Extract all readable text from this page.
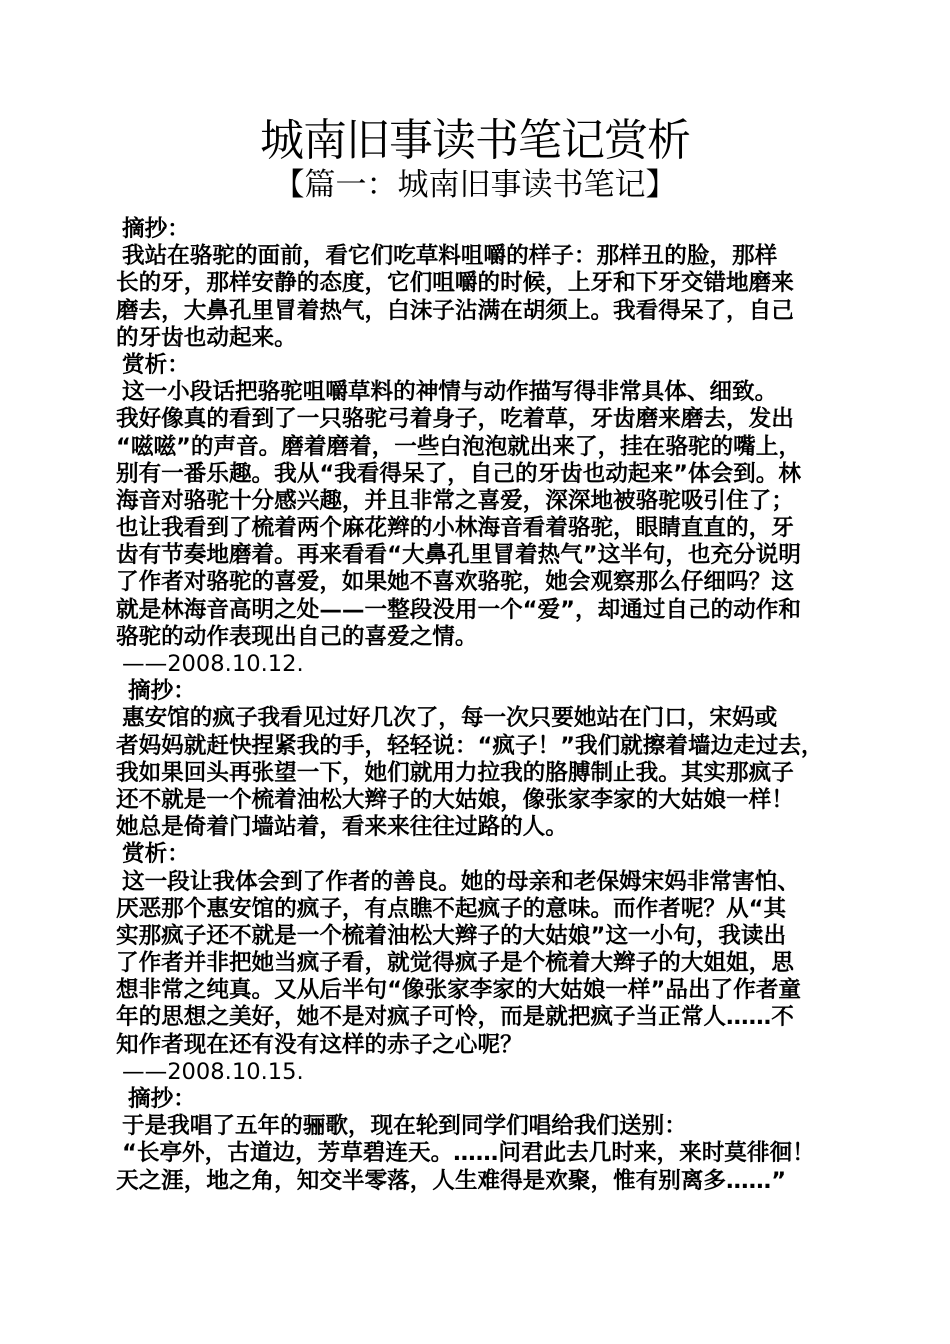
城南旧事读书笔记赏析
【篇一：城南旧事读书笔记】
摘抄：
我站在骆驼的面前，看它们吃草料咀嚼的样子：那样丑的脸，那样
长的牙，那样安静的态度，它们咀嚼的时候，上牙和下牙交错地磨来
磨去，大鼻孔里冒着热气，白沫子沾满在胡须上。我看得呆了，自己
的牙齿也动起来。
赏析：
这一小段话把骆驼咀嚼草料的神情与动作描写得非常具体、细致。
我好像真的看到了一只骆驼弓着身子，吃着草，牙齿磨来磨去，发出
“嗞嗞”的声音。磨着磨着，一些白泡泡就出来了，挂在骆驼的嘴上，
别有一番乐趣。我从“我看得呆了，自己的牙齿也动起来”体会到。林
海音对骆驼十分感兴趣，并且非常之喜爱，深深地被骆驼吸引住了；
也让我看到了梳着两个麻花辫的小林海音看着骆驼，眼睛直直的，牙
齿有节奏地磨着。再来看看“大鼻孔里冒着热气”这半句，也充分说明
了作者对骆驼的喜爱，如果她不喜欢骆驼，她会观察那么仔细吗？这
就是林海音高明之处——一整段没用一个“爱”，却通过自己的动作和
骆驼的动作表现出自己的喜爱之情。
——2008.10.12.
摘抄：
惠安馆的疯子我看见过好几次了，每一次只要她站在门口，宋妈或
者妈妈就赶快捏紧我的手，轻轻说：“疯子！”我们就擦着墙边走过去，
我如果回头再张望一下，她们就用力拉我的胳膊制止我。其实那疯子
还不就是一个梳着油松大辫子的大姑娘，像张家李家的大姑娘一样！
她总是倚着门墙站着，看来来往往过路的人。
赏析：
这一段让我体会到了作者的善良。她的母亲和老保姆宋妈非常害怕、
厌恶那个惠安馆的疯子，有点瞧不起疯子的意味。而作者呢？从“其
实那疯子还不就是一个梳着油松大辫子的大姑娘”这一小句，我读出
了作者并非把她当疯子看，就觉得疯子是个梳着大辫子的大姐姐，思
想非常之纯真。又从后半句“像张家李家的大姑娘一样”品出了作者童
年的思想之美好，她不是对疯子可怜，而是就把疯子当正常人……不
知作者现在还有没有这样的赤子之心呢？
——2008.10.15.
摘抄：
于是我唱了五年的骊歌，现在轮到同学们唱给我们送别：
“长亭外，古道边，芳草碧连天。……问君此去几时来，来时莫徘徊！
天之涯，地之角，知交半零落，人生难得是欢聚，惟有别离多……”
